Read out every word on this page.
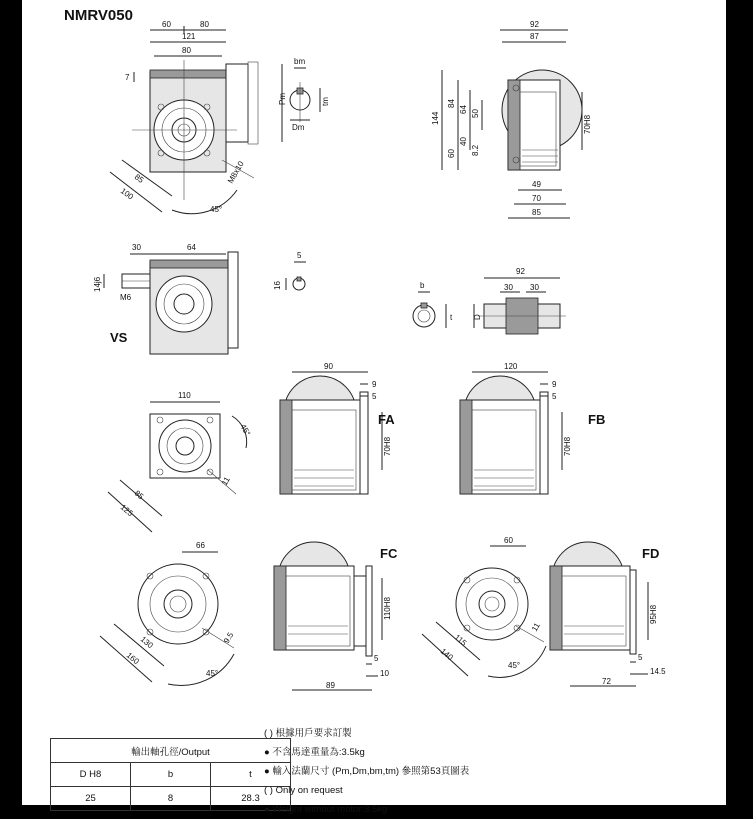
NMRV050
60	80
121
80
7
Pm
85
100
M8x10
45°
bm
tm
Dm
92
87
144
84
64 50
40
60 8.2
70H8
49
70
85
30	64
14j6
M6
VS
5
16	b
t	D
92
30 30
110
45°
85
11
125
90
9
5
70H8
FA
120
9
5
70H8
FB
66
9.5
130
160
45°
110H8
5
10
89
FC
60
11
115
140
45°
95H8
5
14.5
72
FD
輸出軸孔徑/Output		
D H8	b	t
25	8	28.3
( ) 根據用戶要求訂製
● 不含馬達重量為:3.5kg
● 輸入法蘭尺寸 (Pm,Dm,bm,tm) 參照第53頁圖表
( ) Only on request
● Weight without motor:3.5kg
